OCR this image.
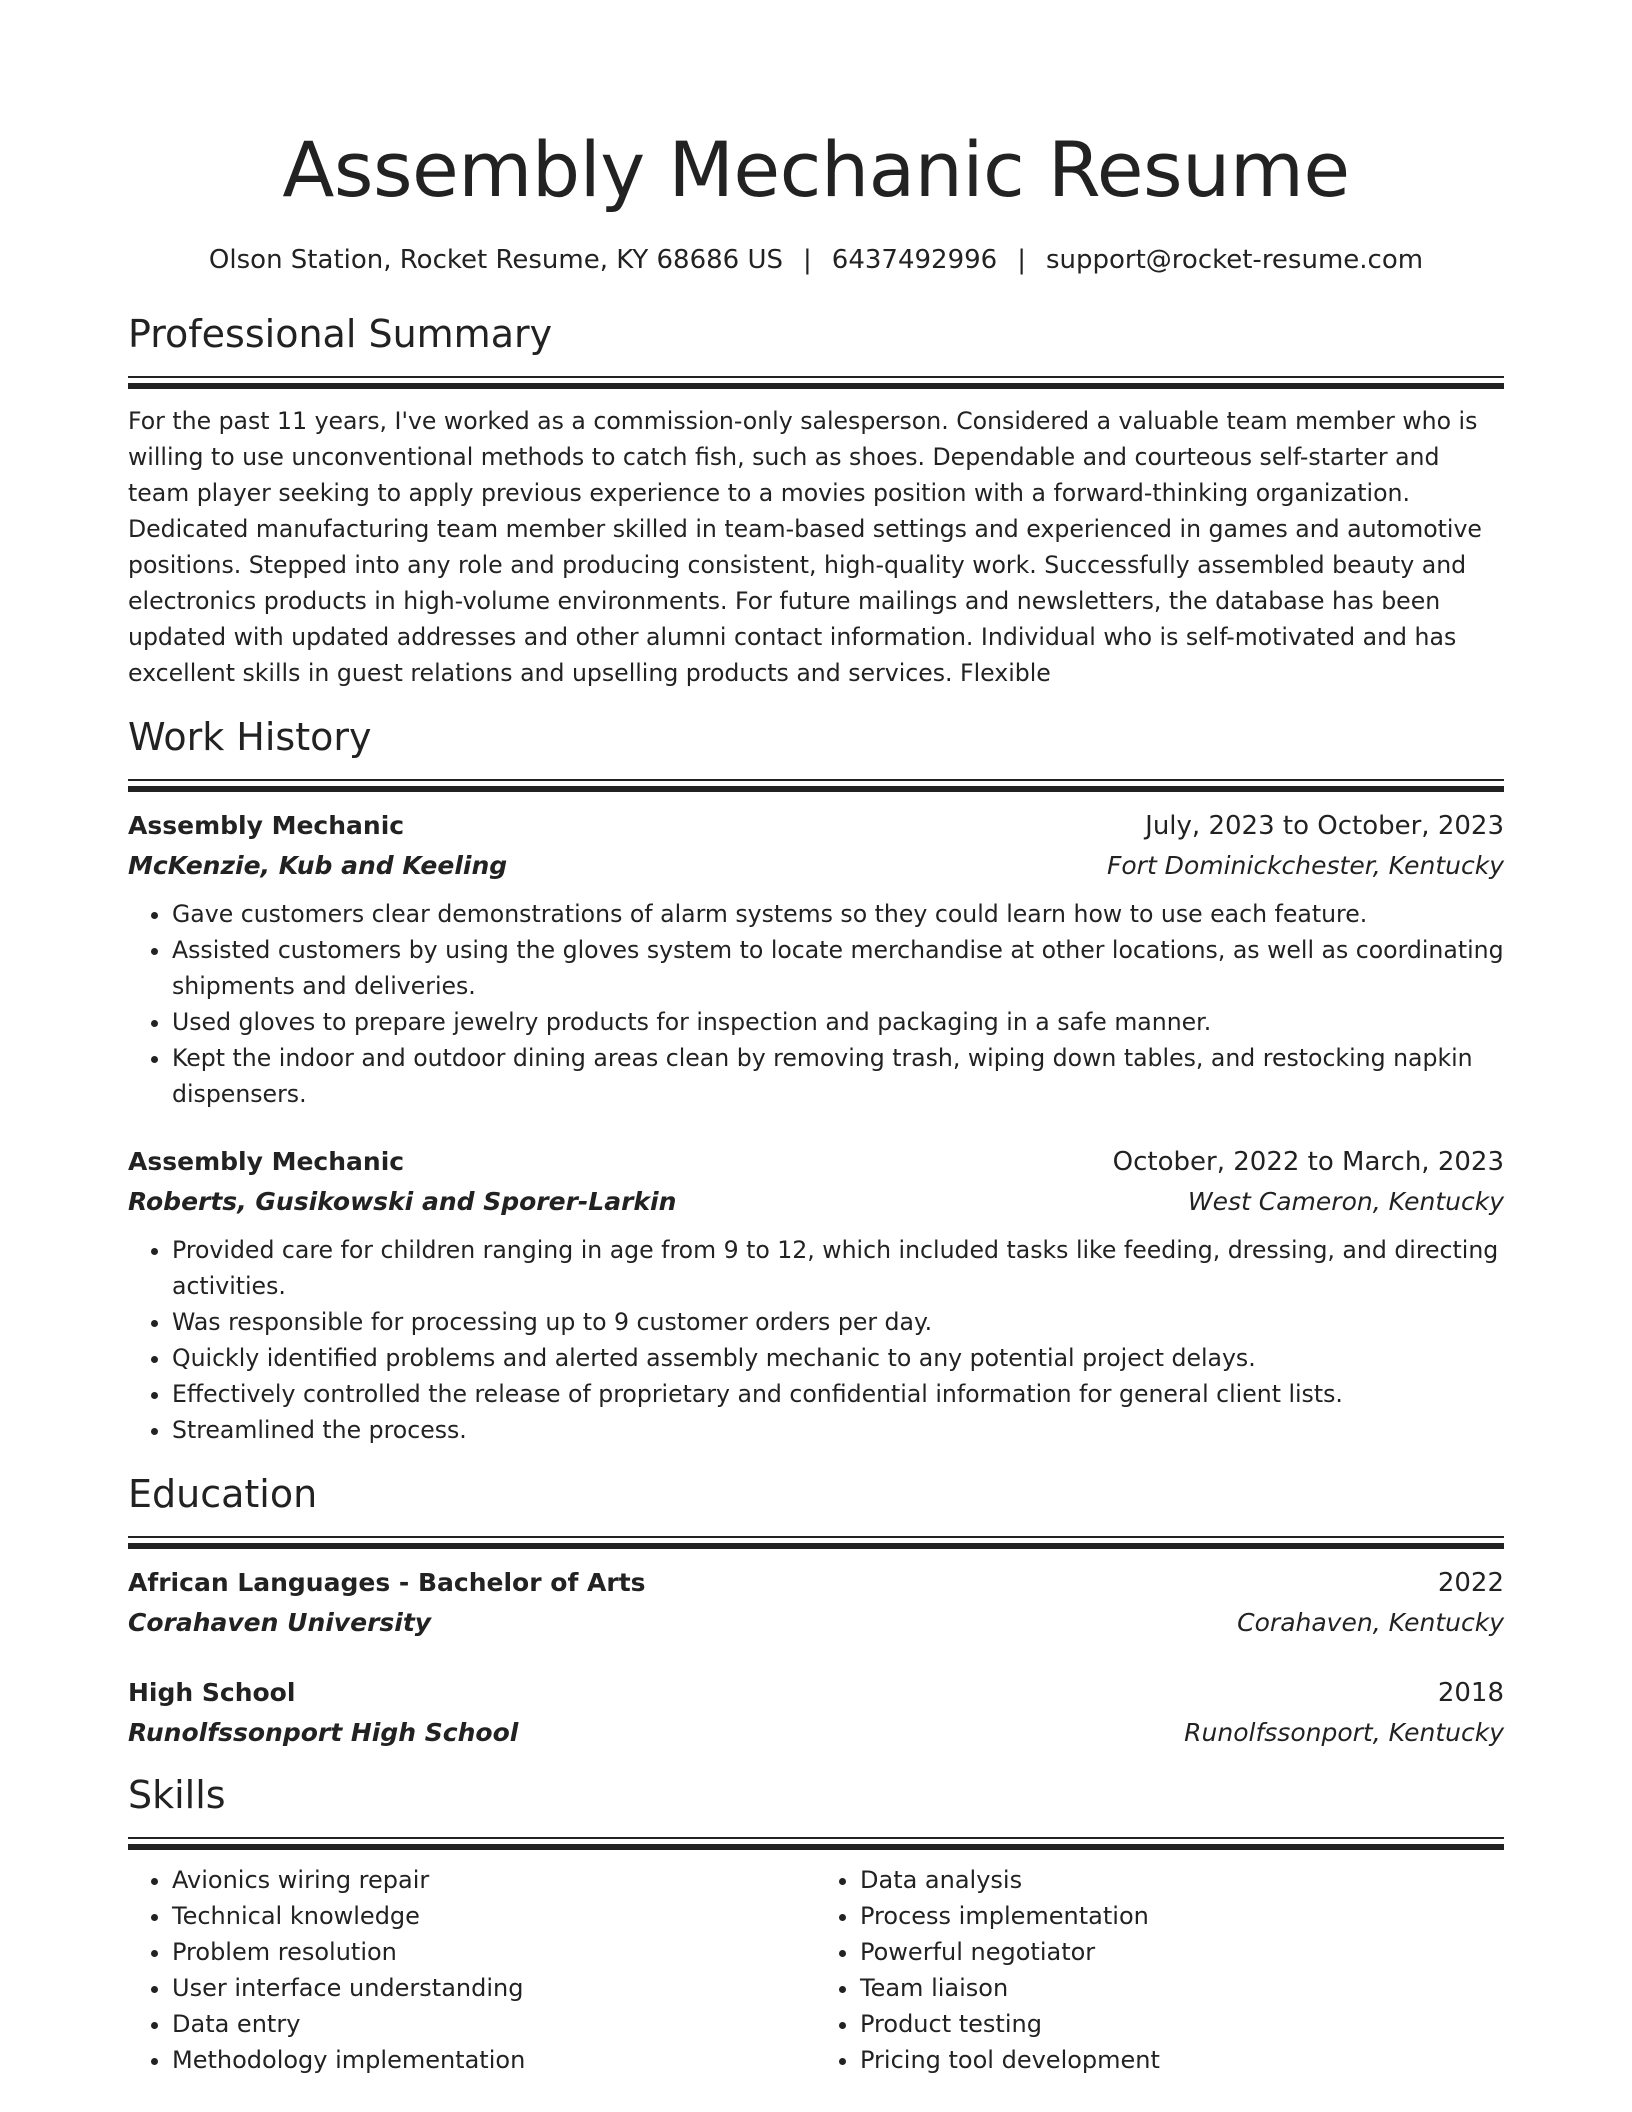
Assembly Mechanic Resume
Olson Station, Rocket Resume, KY 68686 US | 6437492996 | support@rocket-resume.com
Professional Summary

For the past 11 years, I've worked as a commission-only salesperson. Considered a valuable team member who is willing to use unconventional methods to catch fish, such as shoes. Dependable and courteous self-starter and team player seeking to apply previous experience to a movies position with a forward-thinking organization. Dedicated manufacturing team member skilled in team-based settings and experienced in games and automotive positions. Stepped into any role and producing consistent, high-quality work. Successfully assembled beauty and electronics products in high-volume environments. For future mailings and newsletters, the database has been updated with updated addresses and other alumni contact information. Individual who is self-motivated and has excellent skills in guest relations and upselling products and services. Flexible

Work History
Assembly Mechanic	July, 2023 to October, 2023
McKenzie, Kub and Keeling	Fort Dominickchester, Kentucky
• Gave customers clear demonstrations of alarm systems so they could learn how to use each feature.
• Assisted customers by using the gloves system to locate merchandise at other locations, as well as coordinating shipments and deliveries.
• Used gloves to prepare jewelry products for inspection and packaging in a safe manner.
• Kept the indoor and outdoor dining areas clean by removing trash, wiping down tables, and restocking napkin dispensers.
Assembly Mechanic	October, 2022 to March, 2023
Roberts, Gusikowski and Sporer-Larkin	West Cameron, Kentucky
• Provided care for children ranging in age from 9 to 12, which included tasks like feeding, dressing, and directing activities.
• Was responsible for processing up to 9 customer orders per day.
• Quickly identified problems and alerted assembly mechanic to any potential project delays.
• Effectively controlled the release of proprietary and confidential information for general client lists.
• Streamlined the process.
Education
African Languages - Bachelor of Arts	2022
Corahaven University	Corahaven, Kentucky
High School	2018
Runolfssonport High School	Runolfssonport, Kentucky
Skills
• Avionics wiring repair
• Technical knowledge
• Problem resolution
• User interface understanding
• Data entry
• Methodology implementation
• Data analysis
• Process implementation
• Powerful negotiator
• Team liaison
• Product testing
• Pricing tool development
